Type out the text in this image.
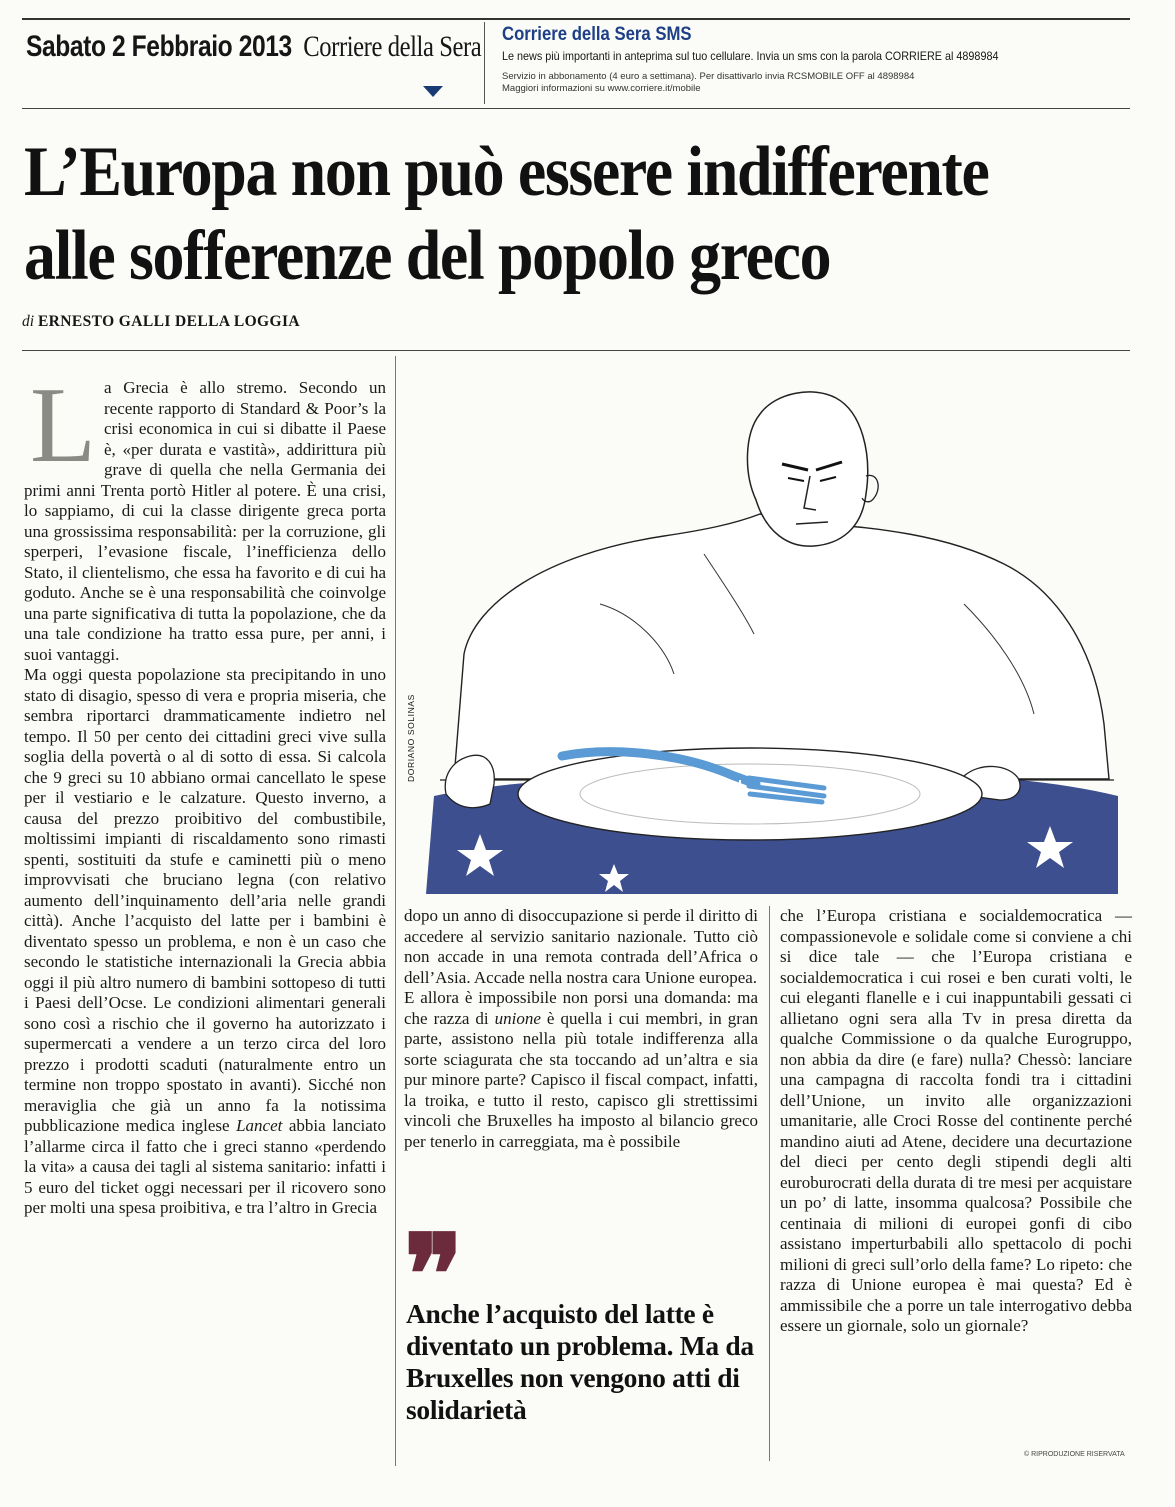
Sabato 2 Febbraio 2013 Corriere della Sera Corriere della Sera SMS
Le news più importanti in anteprima sul tuo cellulare. Invia un sms con la parola CORRIERE al 4898984
Servizio in abbonamento (4 euro a settimana). Per disattivarlo invia RCSMOBILE OFF al 4898984
Maggiori informazioni su www.corriere.it/mobile
L’Europa non può essere indifferente
alle sofferenze del popolo greco
di ERNESTO GALLI DELLA LOGGIA
L a Grecia è allo stremo. Secondo un recente rapporto di Standard & Poor’s la crisi economica in cui si dibatte il Paese è, «per durata e vastità», addirittura più grave di quella che nella Germania dei primi anni Trenta portò Hitler al potere. È una crisi, lo sappiamo, di cui la classe dirigente greca porta una grossissima responsabilità: per la corruzione, gli sperperi, l’evasione fiscale, l’inefficienza dello Stato, il clientelismo, che essa ha favorito e di cui ha goduto. Anche se è una responsabilità che coinvolge una parte significativa di tutta la popolazione, che da una tale condizione ha tratto essa pure, per anni, i suoi vantaggi.

Ma oggi questa popolazione sta precipitando in uno stato di disagio, spesso di vera e propria miseria, che sembra riportarci drammaticamente indietro nel tempo. Il 50 per cento dei cittadini greci vive sulla soglia della povertà o al di sotto di essa. Si calcola che 9 greci su 10 abbiano ormai cancellato le spese per il vestiario e le calzature. Questo inverno, a causa del prezzo proibitivo del combustibile, moltissimi impianti di riscaldamento sono rimasti spenti, sostituiti da stufe e caminetti più o meno improvvisati che bruciano legna (con relativo aumento dell’inquinamento dell’aria nelle grandi città). Anche l’acquisto del latte per i bambini è diventato spesso un problema, e non è un caso che secondo le statistiche internazionali la Grecia abbia oggi il più altro numero di bambini sottopeso di tutti i Paesi dell’Ocse. Le condizioni alimentari generali sono così a rischio che il governo ha autorizzato i supermercati a vendere a un terzo circa del loro prezzo i prodotti scaduti (naturalmente entro un termine non troppo spostato in avanti). Sicché non meraviglia che già un anno fa la notissima pubblicazione medica inglese Lancet abbia lanciato l’allarme circa il fatto che i greci stanno «perdendo la vita» a causa dei tagli al sistema sanitario: infatti i 5 euro del ticket oggi necessari per il ricovero sono per molti una spesa proibitiva, e tra l’altro in Grecia

DORIANO SOLINAS

dopo un anno di disoccupazione si perde il diritto di accedere al servizio sanitario nazionale. Tutto ciò non accade in una remota contrada dell’Africa o dell’Asia. Accade nella nostra cara Unione europea.

E allora è impossibile non porsi una domanda: ma che razza di unione è quella i cui membri, in gran parte, assistono nella più totale indifferenza alla sorte sciagurata che sta toccando ad un’altra e sia pur minore parte? Capisco il fiscal compact, infatti, la troika, e tutto il resto, capisco gli strettissimi vincoli che Bruxelles ha imposto al bilancio greco per tenerlo in carreggiata, ma è possibile

❞
Anche l’acquisto del latte è diventato un problema. Ma da Bruxelles non vengono atti di solidarietà

che l’Europa cristiana e socialdemocratica — compassionevole e solidale come si conviene a chi si dice tale — che l’Europa cristiana e socialdemocratica i cui rosei e ben curati volti, le cui eleganti flanelle e i cui inappuntabili gessati ci allietano ogni sera alla Tv in presa diretta da qualche Commissione o da qualche Eurogruppo, non abbia da dire (e fare) nulla? Chessò: lanciare una campagna di raccolta fondi tra i cittadini dell’Unione, un invito alle organizzazioni umanitarie, alle Croci Rosse del continente perché mandino aiuti ad Atene, decidere una decurtazione del dieci per cento degli stipendi degli alti euroburocrati della durata di tre mesi per acquistare un po’ di latte, insomma qualcosa? Possibile che centinaia di milioni di europei gonfi di cibo assistano imperturbabili allo spettacolo di pochi milioni di greci sull’orlo della fame? Lo ripeto: che razza di Unione europea è mai questa? Ed è ammissibile che a porre un tale interrogativo debba essere un giornale, solo un giornale?

© RIPRODUZIONE RISERVATA
